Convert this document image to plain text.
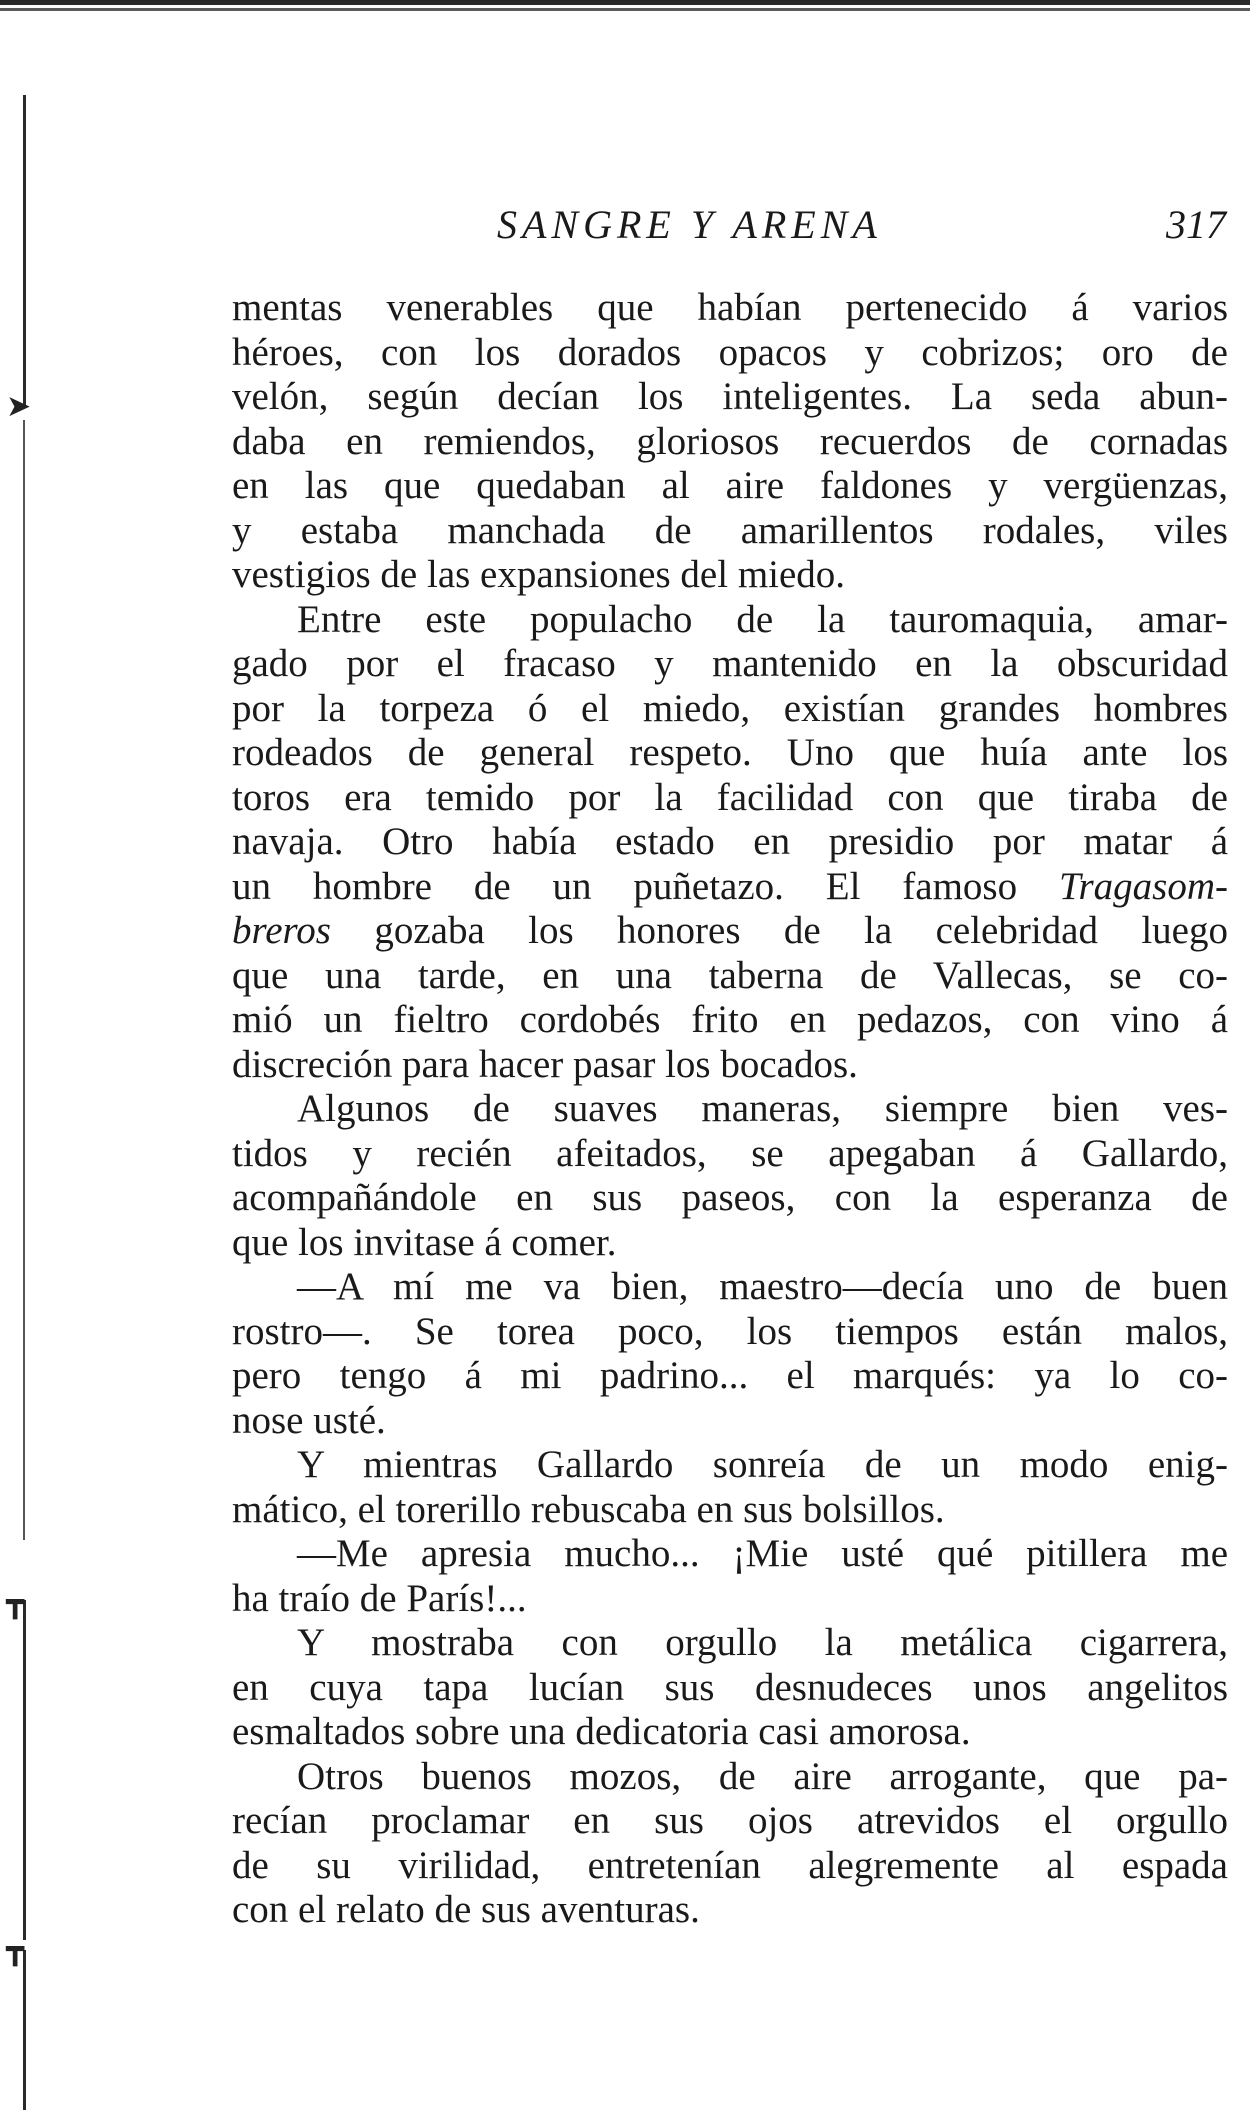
➤
┳
┳
SANGRE Y ARENA	317
mentas venerables que habían pertenecido á varios
héroes, con los dorados opacos y cobrizos; oro de
velón, según decían los inteligentes. La seda abun-
daba en remiendos, gloriosos recuerdos de cornadas
en las que quedaban al aire faldones y vergüenzas,
y estaba manchada de amarillentos rodales, viles
vestigios de las expansiones del miedo.
Entre este populacho de la tauromaquia, amar-
gado por el fracaso y mantenido en la obscuridad
por la torpeza ó el miedo, existían grandes hombres
rodeados de general respeto. Uno que huía ante los
toros era temido por la facilidad con que tiraba de
navaja. Otro había estado en presidio por matar á
un hombre de un puñetazo. El famoso Tragasom-
breros gozaba los honores de la celebridad luego
que una tarde, en una taberna de Vallecas, se co-
mió un fieltro cordobés frito en pedazos, con vino á
discreción para hacer pasar los bocados.
Algunos de suaves maneras, siempre bien ves-
tidos y recién afeitados, se apegaban á Gallardo,
acompañándole en sus paseos, con la esperanza de
que los invitase á comer.
—A mí me va bien, maestro—decía uno de buen
rostro—. Se torea poco, los tiempos están malos,
pero tengo á mi padrino... el marqués: ya lo co-
nose usté.
Y mientras Gallardo sonreía de un modo enig-
mático, el torerillo rebuscaba en sus bolsillos.
—Me apresia mucho... ¡Mie usté qué pitillera me
ha traío de París!...
Y mostraba con orgullo la metálica cigarrera,
en cuya tapa lucían sus desnudeces unos angelitos
esmaltados sobre una dedicatoria casi amorosa.
Otros buenos mozos, de aire arrogante, que pa-
recían proclamar en sus ojos atrevidos el orgullo
de su virilidad, entretenían alegremente al espada
con el relato de sus aventuras.
